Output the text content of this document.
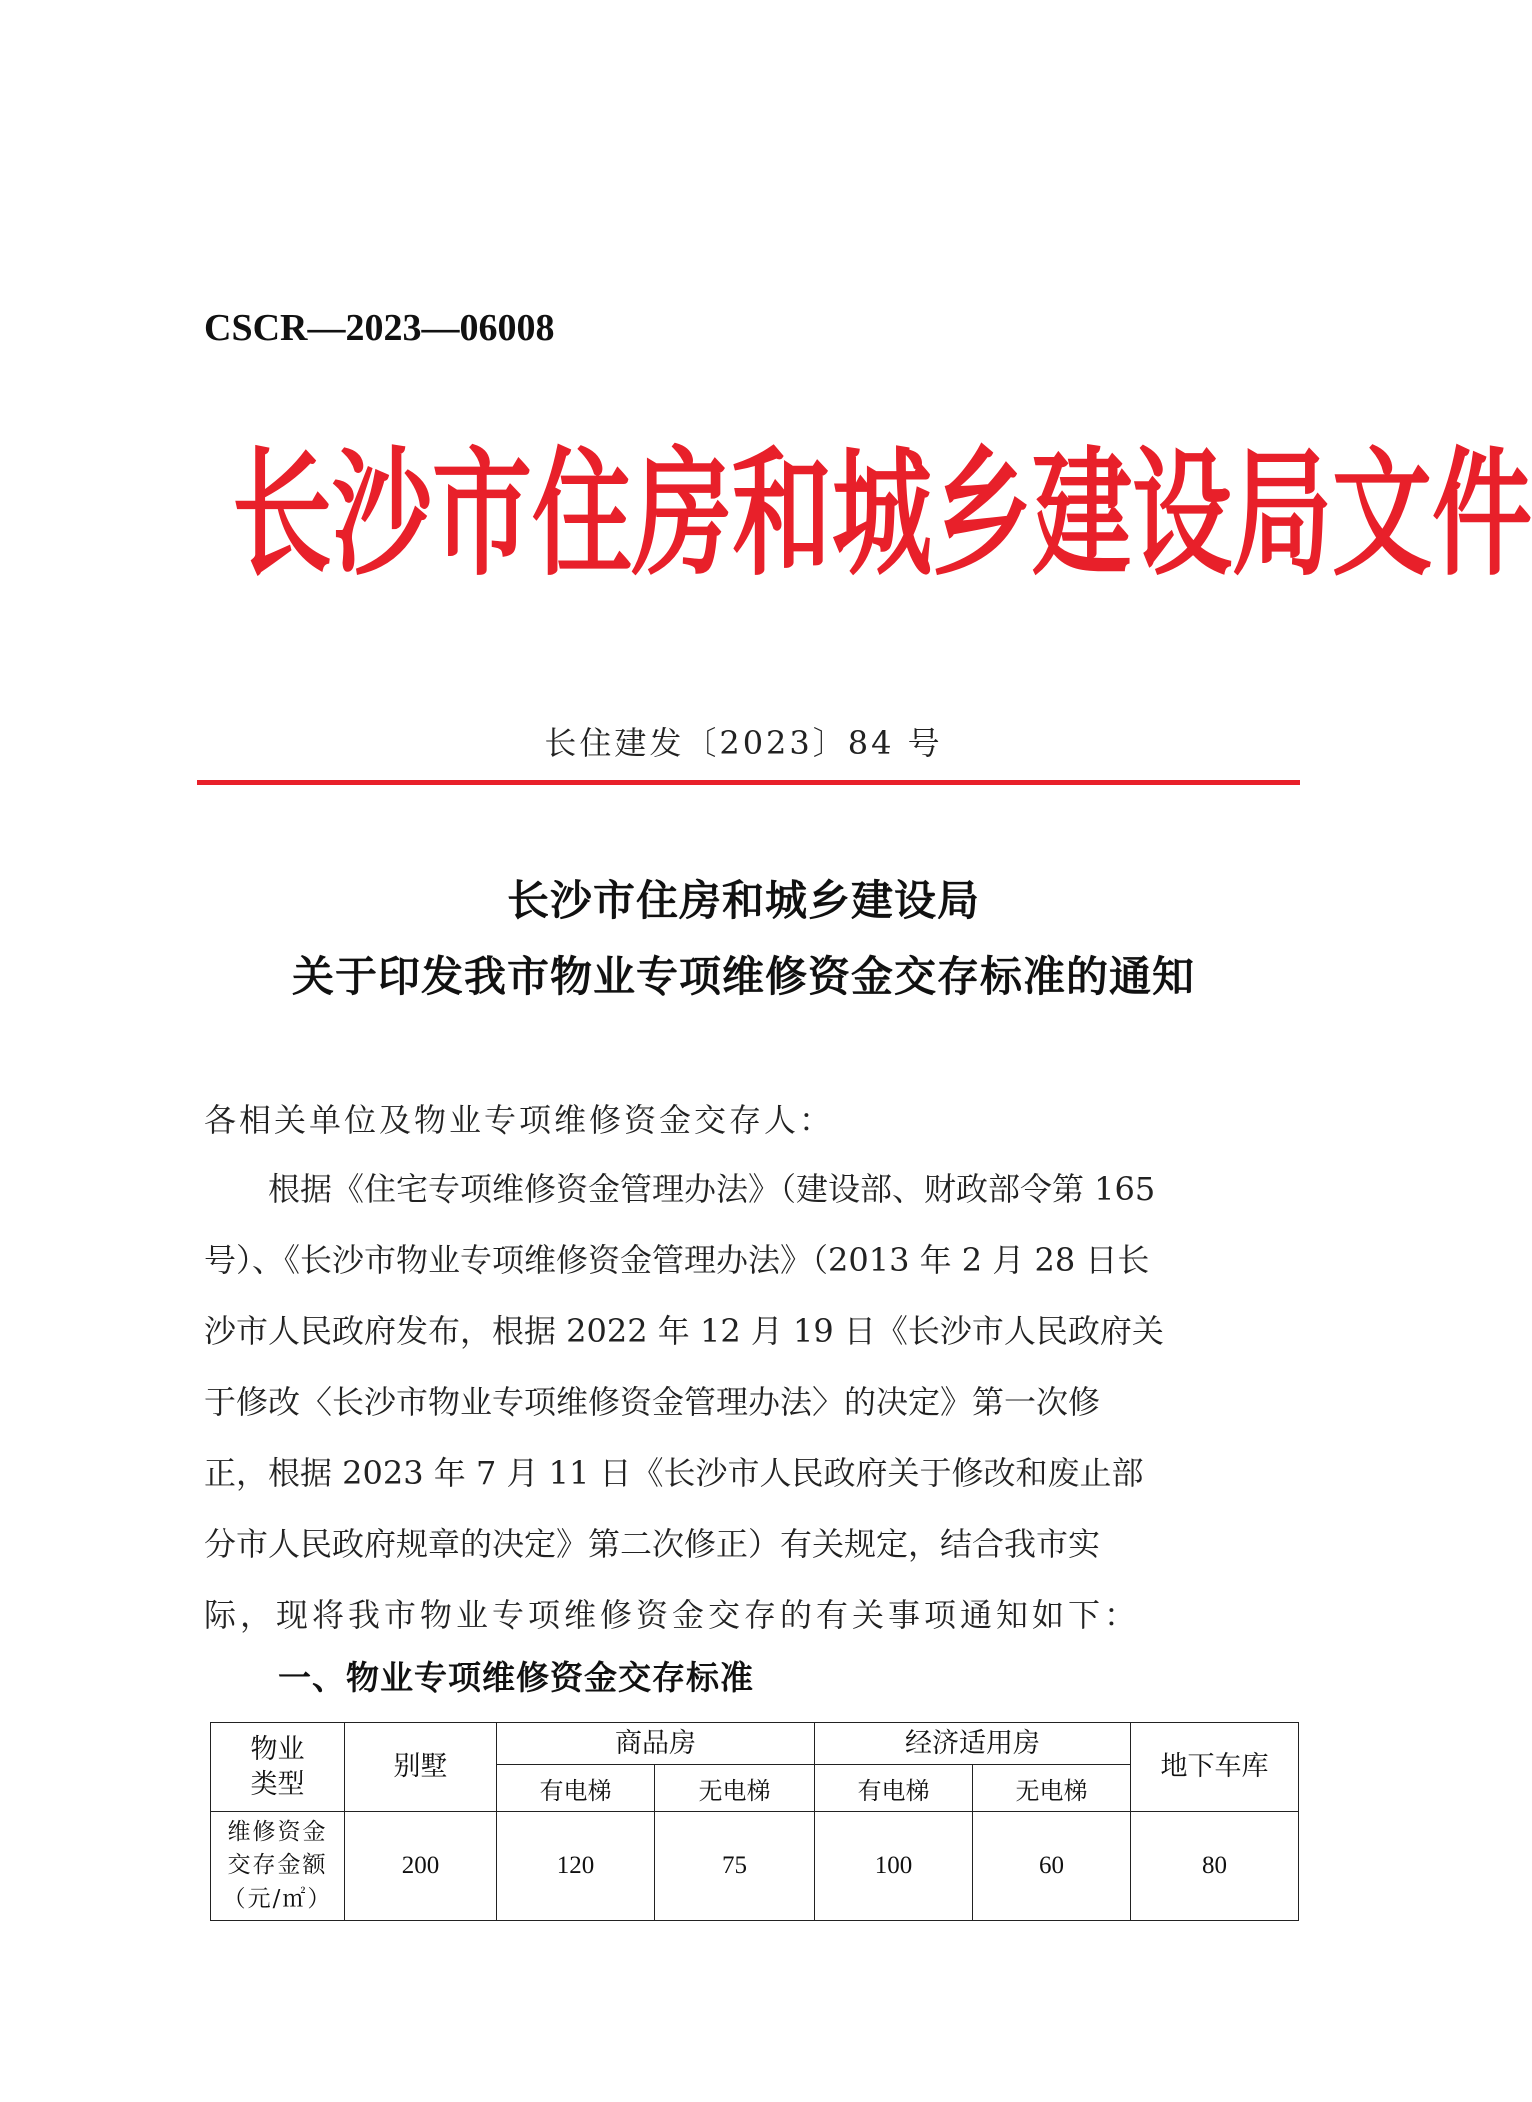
CSCR—2023—06008
长 沙 市 住 房 和 城 乡 建 设 局 文 件
长住建发〔2023〕84 号
长沙市住房和城乡建设局
关于印发我市物业专项维修资金交存标准的通知
各相关单位及物业专项维修资金交存人：
　　根据《住宅专项维修资金管理办法》（建设部、财政部令第 165
号）、《长沙市物业专项维修资金管理办法》（2013 年 2 月 28 日长
沙市人民政府发布，根据 2022 年 12 月 19 日《长沙市人民政府关
于修改〈长沙市物业专项维修资金管理办法〉的决定》第一次修
正，根据 2023 年 7 月 11 日《长沙市人民政府关于修改和废止部
分市人民政府规章的决定》第二次修正）有关规定，结合我市实
际，现将我市物业专项维修资金交存的有关事项通知如下：
一、物业专项维修资金交存标准
物业
类型	别墅	商品房		经济适用房		地下车库
		有电梯	无电梯	有电梯	无电梯	

维修资金
交存金额
（元/㎡）	200	120	75	100	60	80
